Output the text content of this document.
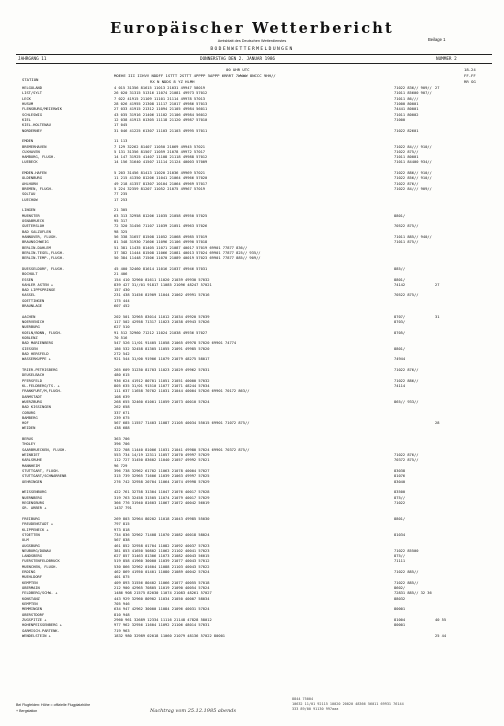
Europäischer Wetterbericht
Amtsblatt des Deutschen Wetterdienstes	Beilage 1
BODENWETTERMELDUNGEN
JAHRGANG 11	DONNERSTAG DEN 2. JANUAR 1986	NUMMER 2
00 UHR UTC
STATION
MOEHE III IIHVV NDDFF 1STTT 2STTT 4PPPP 5APPP 6RRRT 7WWWW 8NCCC 9HH//
RX N NDDS 8 YZ HLMH
18-24
FF-FF
RR GG
HELGOLAND	4 015 31356 81615 11013 21031 49947 58019	71022 836// 909// 27
LIST/SYLT	26 020 31315 51316 11074 21081 49973 57012	71011 85600 907//
LECK	7 022 41915 21109 11101 21114 49978 57013	71011 86///
HUSUM	28 026 41955 21308 11117 21017 49986 57013	71000 80001
FLENSBURG/MEIERWIK	27 033 41915 21312 11094 21105 49984 56011	74441 80001
SCHLESWIG	43 035 31916 21406 11102 21106 49984 56012	71011 80002
KIEL	12 038 41913 01305 11118 21120 49987 57010	71000
KIEL-HOLTENAU	17 045
NORDERNEY	31 046 41225 61307 11103 21103 49995 57011	71022 82601
EMDEN	11 113
BREMERHAVEN	7 129 32262 81407 11050 21069 49945 57021	71022 84/// 910//
CUXHAVEN	5 131 31356 81507 11059 21078 49972 57017	71022 875//
HAMBURG, FLUGH.	14 147 31925 41407 11108 21118 49988 57012	71011 80001
LUEBECK	14 156 31640 41507 11114 21124 40003 57009	71011 84400 934//
EMDEN-HAFEN	5 203 31456 81413 11020 21036 49969 57021	71022 886// 910//
OLDENBURG	11 215 41350 81206 11041 21064 49966 57020	71022 856// 910//
AHLHORN	49 218 41357 81307 10104 21064 49969 57017	71022 876//
BREMEN, FLUGH.	5 224 32359 81207 11052 21075 49967 57019	71022 84/// 909//
SOLTAU	77 235
LUECHOW	17 253
LINGEN	21 305
MUENSTER	63 313 32958 81206 11035 21058 49950 57025	8801/
OSNABRUECK	95 317
GUETERSLOH	72 320 31456 71107 11039 21051 49963 57026	70522 875//
BAD SALZUFLEN	98 325
HANNOVER, FLUGH.	56 338 31657 81508 11052 21068 49985 57019	71011 885// 940//
BRAUNSCHWEIG	81 348 31930 71606 11096 21106 49990 57018	71011 875//
BERLIN-DAHLEM	51 381 11435 81405 11071 21087 40017 57019 69901 77877 836//
BERLIN-TEGEL,FLUGH.	37 382 11444 81508 11066 21081 40013 57024 69901 77877 825// 935//
BERLIN-TEMP.,FLUGH.	50 384 11448 71506 11070 21089 40019 57023 69901 77877 885// 909//
DUESSELDORF, FLUGH.	45 400 32460 81614 11016 21037 49946 57031	885//
BOCHOLT	21 406
ESSEN	154 410 32960 81611 11020 21039 49930 57032	8801/
KAHLER ASTEN +	839 427 31//01 91817 11085 21096 48247 57021	74142	27
BAD LIPPSPRINGE	157 430
KASSEL	231 438 31456 81909 11044 21062 49991 57016	70522 875//
GOETTINGEN	175 444
BRAUNLAGE	607 452
AACHEN	202 501 32965 83014 11012 21034 49920 57039	8707/	31
NOERVENICH	117 502 42958 71317 11023 21038 49943 57026	8703/
NUERBURG	627 510
KOELN/BONN, FLUGH.	91 512 32960 71212 11024 21038 49936 57027	8705/
KOBLENZ	70 516
BAD MARIENBERG	547 526 11/01 91405 11058 21065 49978 57020 69901 74774
GIESSEN	186 532 32458 81305 11055 21091 49985 57020	8801/
BAD HERSFELD	272 542
WASSERKUPPE +	921 544 31/00 91906 11079 21079 48275 58017	74944
TRIER-PETRISBERG	265 609 31230 81703 11023 21029 49962 57031	71022 876//
DEUSELBACH	480 615
PFERSFELD	936 624 41912 80701 11051 21051 40000 57032	71022 886//
KL.FELDBERG/TS. +	805 635 31/01 91510 11077 21071 48244 57034	74114
FRANKFURT/M,FLUGH.	111 637 11658 70702 11031 21044 40004 57026 69901 70172 863//
DARMSTADT	108 639
WUERZBURG	268 655 32460 61001 11059 21073 40010 57024	865// 933//
BAD KISSINGEN	262 658
COBURG	337 671
BAMBERG	239 675
HOF	567 685 11557 71403 11087 21105 40034 55015 69901 71072 875//	28
WEIDEN	438 688
BERUS	363 706
THOLEY	396 706
SAARBRUECKEN, FLUGH.	322 708 11440 81006 11031 21041 49980 57024 69901 70372 875//
WEINBIET	553 734 14/19 12311 11057 21070 49997 57029	71022 876//
KARLSRUHE	112 727 31450 83602 11040 21057 49992 57021	70372 875//
MANNHEIM	96 729
STUTTGART, FLUGH.	396 738 32962 61702 11063 21078 40004 57027	83038
STUTTGART/SCHNARRENB	315 739 32965 71606 11039 21063 49997 57025	81076
OEHRINGEN	276 742 32958 20704 11064 21074 49998 57029	83040
WEISSENBURG	422 761 32758 31304 11047 21076 40017 57028	83500
NUERNBERG	319 763 32458 31505 11074 21079 40017 57029	875//
REGENSBURG	366 776 31940 81603 11067 21072 40042 56019	71022
GR. ARBER +	1437 791
FREIBURG	269 803 32964 80202 11018 21043 49985 55030	8801/
FREUDENSTADT +	797 815
KLIPPENECK +	973 818
STOETTEN	734 836 32962 71408 11070 21082 40018 58024	81034
ULM	567 838
AUGSBURG	461 852 32958 01704 11082 21092 40037 57023
NEUBURG/DONAU	381 853 41650 50802 11062 21102 40041 57023	71022 85500
LANDSBERG	627 857 31463 81306 11073 21082 40043 56015	875//
FUERSTENFELDBRUCK	519 858 41960 30000 11039 21077 40043 57012	71111
MUENCHEN, FLUGH.	530 866 32962 01604 11088 21103 40043 57022
ERDING	462 869 41950 01401 11080 21089 40042 57024	71022 885//
MUEHLDORF	401 875
KEMPTEN	409 893 31556 80402 11066 21077 40055 57018	71022 885//
OBERMAIN	212 900 42965 70805 11019 21090 40054 57024	8602/
FELDBERG/SCHW. +	1486 908 21575 82030 11074 21083 48261 57027	72831 885// 32 36
KONSTANZ	443 929 32960 80902 11034 21050 40007 58034	88032
KEMPTEN	705 946
MEMMINGEN	634 947 42962 30000 11084 21096 40031 57024	80001
OBERSTDORF	810 948
ZUGSPITZE +	2960 961 32689 12334 11116 21148 47828 58012	81004	40 55
HOHENPEISSENBERG +	977 962 32956 11604 11092 21106 48014 57031	80001
GARMISCH-PARTENK.	719 963
WENDELSTEIN +	1832 980 32989 02018 11060 21079 48136 57022 80001	25 44
Bei Flugfelden: Höhe = offizielle Flugplatzhöhe
+ Bergstation	Nachtrag vom 25.12.1985 abends
8844 75004
10632 11/01 92115 10020 20020 48366 56011 69931 76144
333 89/00 91130 997aaa
